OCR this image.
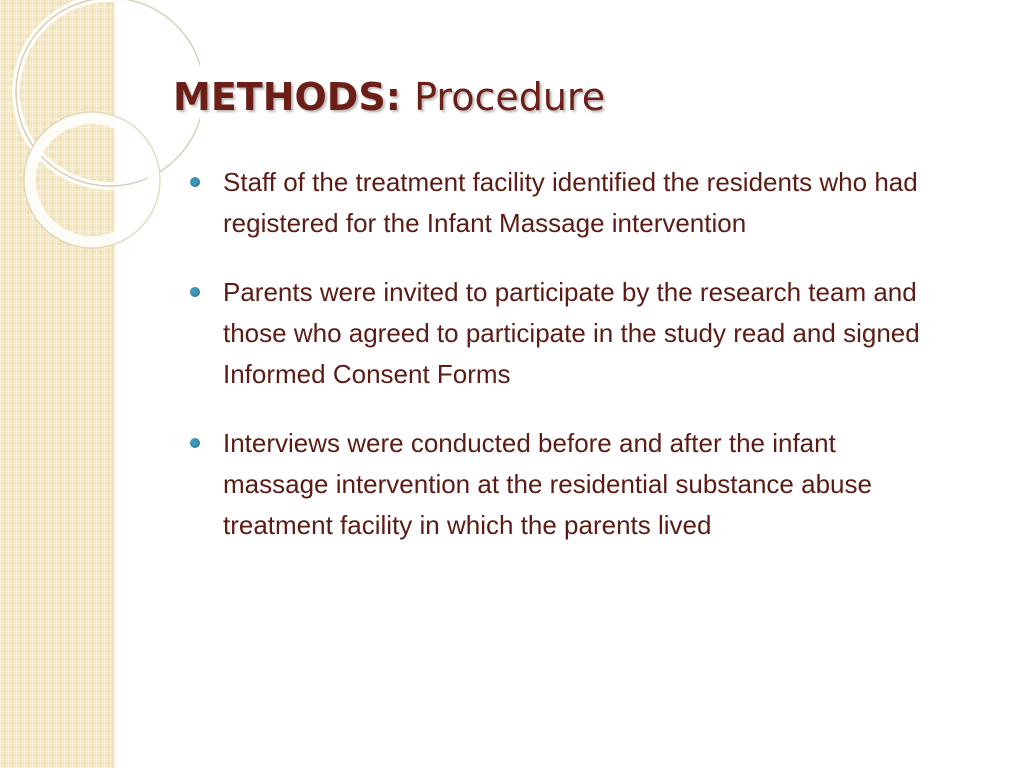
METHODS: Procedure
Staff of the treatment facility identified the residents who had registered for the Infant Massage intervention
Parents were invited to participate by the research team and those who agreed to participate in the study read and signed Informed Consent Forms
Interviews were conducted before and after the infant massage intervention at the residential substance abuse treatment facility in which the parents lived
